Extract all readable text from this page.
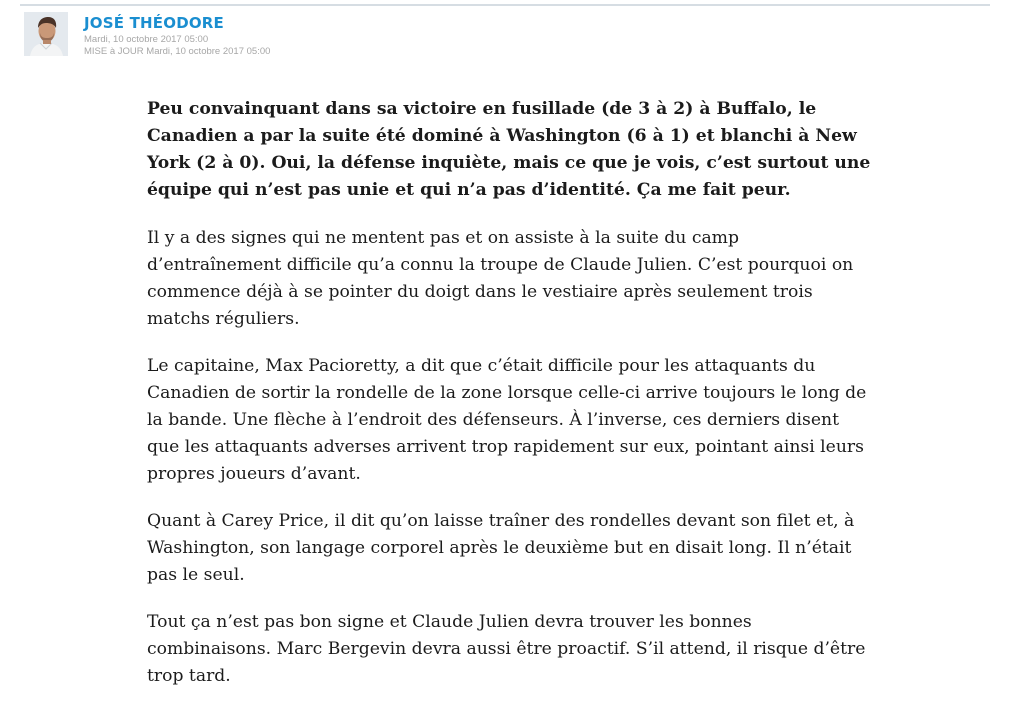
JOSÉ THÉODORE
Mardi, 10 octobre 2017 05:00
MISE à JOUR Mardi, 10 octobre 2017 05:00

Peu convainquant dans sa victoire en fusillade (de 3 à 2) à Buffalo, le Canadien a par la suite été dominé à Washington (6 à 1) et blanchi à New York (2 à 0). Oui, la défense inquiète, mais ce que je vois, c’est surtout une équipe qui n’est pas unie et qui n’a pas d’identité. Ça me fait peur.

Il y a des signes qui ne mentent pas et on assiste à la suite du camp d’entraînement difficile qu’a connu la troupe de Claude Julien. C’est pourquoi on commence déjà à se pointer du doigt dans le vestiaire après seulement trois matchs réguliers.

Le capitaine, Max Pacioretty, a dit que c’était difficile pour les attaquants du Canadien de sortir la rondelle de la zone lorsque celle-ci arrive toujours le long de la bande. Une flèche à l’endroit des défenseurs. À l’inverse, ces derniers disent que les attaquants adverses arrivent trop rapidement sur eux, pointant ainsi leurs propres joueurs d’avant.

Quant à Carey Price, il dit qu’on laisse traîner des rondelles devant son filet et, à Washington, son langage corporel après le deuxième but en disait long. Il n’était pas le seul.

Tout ça n’est pas bon signe et Claude Julien devra trouver les bonnes combinaisons. Marc Bergevin devra aussi être proactif. S’il attend, il risque d’être trop tard.
